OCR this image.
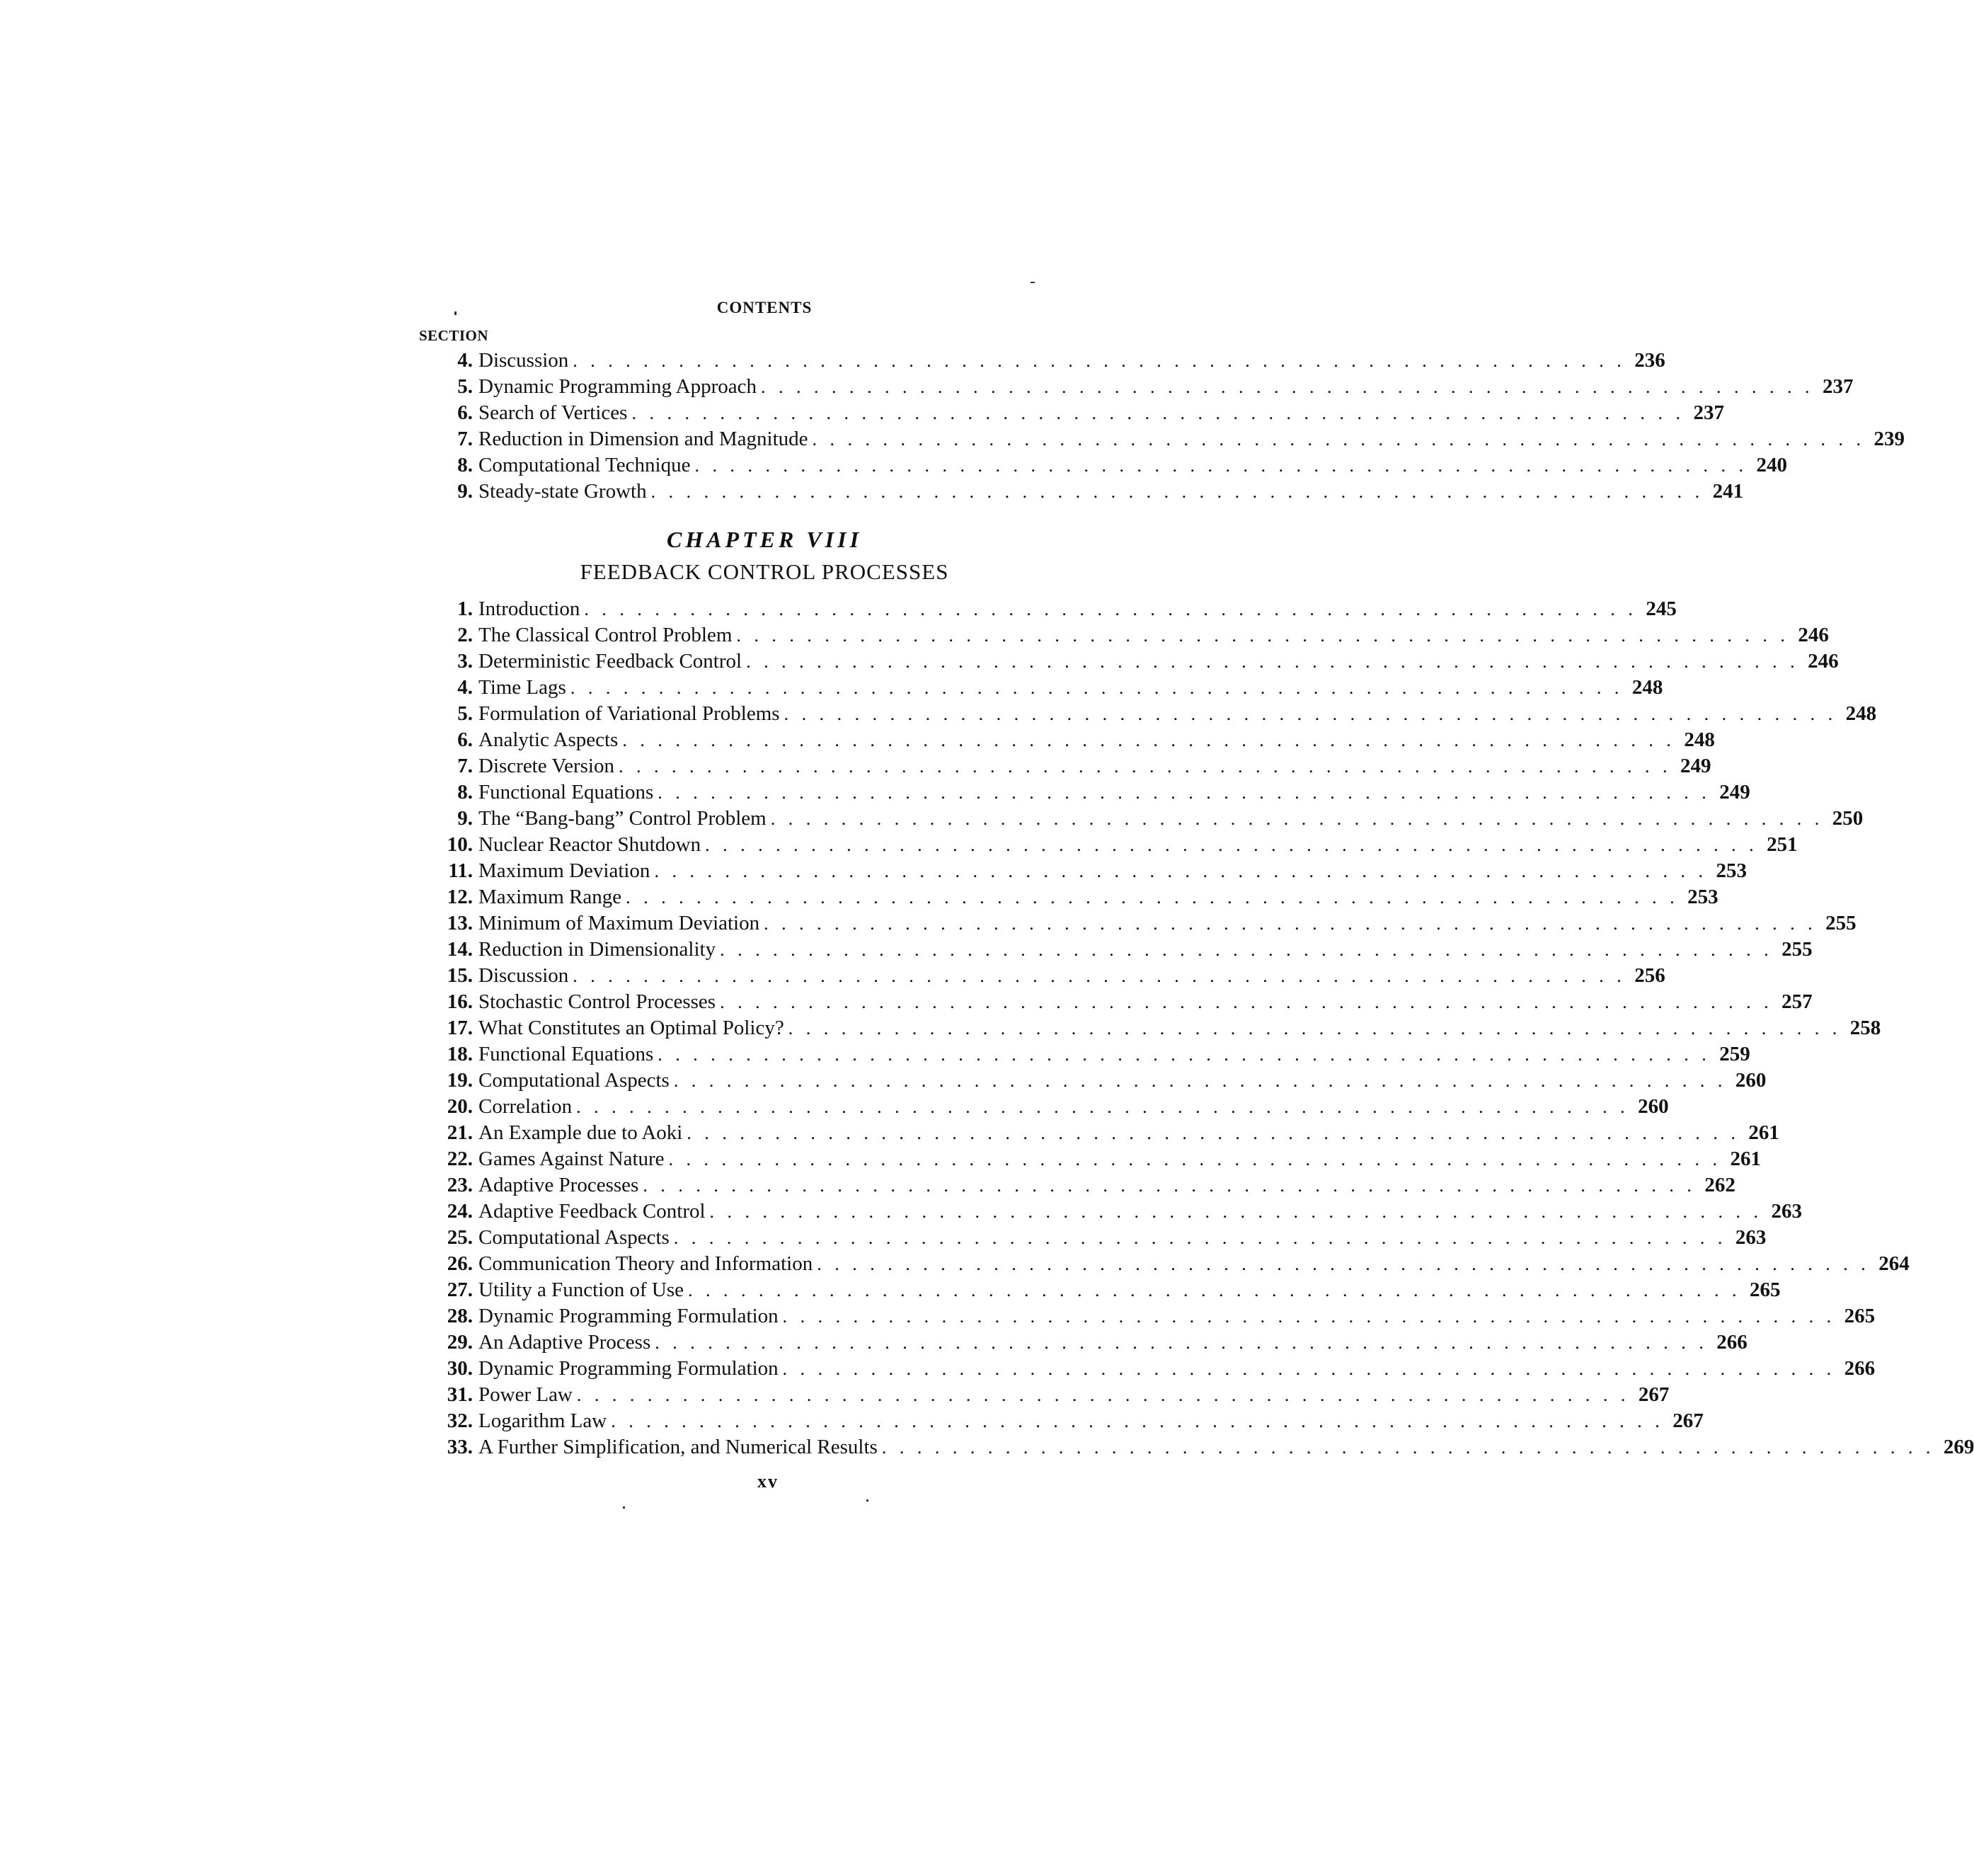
CONTENTS
SECTION
4. Discussion . . . . . . . . . . . . . . . . . . . . . . . . . . . . . . . . . . . . . . . . . . . . . . . . . . . . . . . . . . . . 236
5. Dynamic Programming Approach . . . . . . . . . . . . . . . . . . . . . . . . . . . . . . . . . . . . . . . . . . . . . . . . . . . . . . . . . . . . 237
6. Search of Vertices . . . . . . . . . . . . . . . . . . . . . . . . . . . . . . . . . . . . . . . . . . . . . . . . . . . . . . . . . . . . 237
7. Reduction in Dimension and Magnitude . . . . . . . . . . . . . . . . . . . . . . . . . . . . . . . . . . . . . . . . . . . . . . . . . . . . . . . . . . . . 239
8. Computational Technique . . . . . . . . . . . . . . . . . . . . . . . . . . . . . . . . . . . . . . . . . . . . . . . . . . . . . . . . . . . . 240
9. Steady-state Growth . . . . . . . . . . . . . . . . . . . . . . . . . . . . . . . . . . . . . . . . . . . . . . . . . . . . . . . . . . . . 241
CHAPTER VIII
FEEDBACK CONTROL PROCESSES
1. Introduction . . . . . . . . . . . . . . . . . . . . . . . . . . . . . . . . . . . . . . . . . . . . . . . . . . . . . . . . . . . . 245
2. The Classical Control Problem . . . . . . . . . . . . . . . . . . . . . . . . . . . . . . . . . . . . . . . . . . . . . . . . . . . . . . . . . . . . 246
3. Deterministic Feedback Control . . . . . . . . . . . . . . . . . . . . . . . . . . . . . . . . . . . . . . . . . . . . . . . . . . . . . . . . . . . . 246
4. Time Lags . . . . . . . . . . . . . . . . . . . . . . . . . . . . . . . . . . . . . . . . . . . . . . . . . . . . . . . . . . . . 248
5. Formulation of Variational Problems . . . . . . . . . . . . . . . . . . . . . . . . . . . . . . . . . . . . . . . . . . . . . . . . . . . . . . . . . . . . 248
6. Analytic Aspects . . . . . . . . . . . . . . . . . . . . . . . . . . . . . . . . . . . . . . . . . . . . . . . . . . . . . . . . . . . . 248
7. Discrete Version . . . . . . . . . . . . . . . . . . . . . . . . . . . . . . . . . . . . . . . . . . . . . . . . . . . . . . . . . . . . 249
8. Functional Equations . . . . . . . . . . . . . . . . . . . . . . . . . . . . . . . . . . . . . . . . . . . . . . . . . . . . . . . . . . . . 249
9. The “Bang-bang” Control Problem . . . . . . . . . . . . . . . . . . . . . . . . . . . . . . . . . . . . . . . . . . . . . . . . . . . . . . . . . . . . 250
10. Nuclear Reactor Shutdown . . . . . . . . . . . . . . . . . . . . . . . . . . . . . . . . . . . . . . . . . . . . . . . . . . . . . . . . . . . . 251
11. Maximum Deviation . . . . . . . . . . . . . . . . . . . . . . . . . . . . . . . . . . . . . . . . . . . . . . . . . . . . . . . . . . . . 253
12. Maximum Range . . . . . . . . . . . . . . . . . . . . . . . . . . . . . . . . . . . . . . . . . . . . . . . . . . . . . . . . . . . . 253
13. Minimum of Maximum Deviation . . . . . . . . . . . . . . . . . . . . . . . . . . . . . . . . . . . . . . . . . . . . . . . . . . . . . . . . . . . . 255
14. Reduction in Dimensionality . . . . . . . . . . . . . . . . . . . . . . . . . . . . . . . . . . . . . . . . . . . . . . . . . . . . . . . . . . . . 255
15. Discussion . . . . . . . . . . . . . . . . . . . . . . . . . . . . . . . . . . . . . . . . . . . . . . . . . . . . . . . . . . . . 256
16. Stochastic Control Processes . . . . . . . . . . . . . . . . . . . . . . . . . . . . . . . . . . . . . . . . . . . . . . . . . . . . . . . . . . . . 257
17. What Constitutes an Optimal Policy? . . . . . . . . . . . . . . . . . . . . . . . . . . . . . . . . . . . . . . . . . . . . . . . . . . . . . . . . . . . . 258
18. Functional Equations . . . . . . . . . . . . . . . . . . . . . . . . . . . . . . . . . . . . . . . . . . . . . . . . . . . . . . . . . . . . 259
19. Computational Aspects . . . . . . . . . . . . . . . . . . . . . . . . . . . . . . . . . . . . . . . . . . . . . . . . . . . . . . . . . . . . 260
20. Correlation . . . . . . . . . . . . . . . . . . . . . . . . . . . . . . . . . . . . . . . . . . . . . . . . . . . . . . . . . . . . 260
21. An Example due to Aoki . . . . . . . . . . . . . . . . . . . . . . . . . . . . . . . . . . . . . . . . . . . . . . . . . . . . . . . . . . . . 261
22. Games Against Nature . . . . . . . . . . . . . . . . . . . . . . . . . . . . . . . . . . . . . . . . . . . . . . . . . . . . . . . . . . . . 261
23. Adaptive Processes . . . . . . . . . . . . . . . . . . . . . . . . . . . . . . . . . . . . . . . . . . . . . . . . . . . . . . . . . . . . 262
24. Adaptive Feedback Control . . . . . . . . . . . . . . . . . . . . . . . . . . . . . . . . . . . . . . . . . . . . . . . . . . . . . . . . . . . . 263
25. Computational Aspects . . . . . . . . . . . . . . . . . . . . . . . . . . . . . . . . . . . . . . . . . . . . . . . . . . . . . . . . . . . . 263
26. Communication Theory and Information . . . . . . . . . . . . . . . . . . . . . . . . . . . . . . . . . . . . . . . . . . . . . . . . . . . . . . . . . . . . 264
27. Utility a Function of Use . . . . . . . . . . . . . . . . . . . . . . . . . . . . . . . . . . . . . . . . . . . . . . . . . . . . . . . . . . . . 265
28. Dynamic Programming Formulation . . . . . . . . . . . . . . . . . . . . . . . . . . . . . . . . . . . . . . . . . . . . . . . . . . . . . . . . . . . . 265
29. An Adaptive Process . . . . . . . . . . . . . . . . . . . . . . . . . . . . . . . . . . . . . . . . . . . . . . . . . . . . . . . . . . . . 266
30. Dynamic Programming Formulation . . . . . . . . . . . . . . . . . . . . . . . . . . . . . . . . . . . . . . . . . . . . . . . . . . . . . . . . . . . . 266
31. Power Law . . . . . . . . . . . . . . . . . . . . . . . . . . . . . . . . . . . . . . . . . . . . . . . . . . . . . . . . . . . . 267
32. Logarithm Law . . . . . . . . . . . . . . . . . . . . . . . . . . . . . . . . . . . . . . . . . . . . . . . . . . . . . . . . . . . . 267
33. A Further Simplification, and Numerical Results . . . . . . . . . . . . . . . . . . . . . . . . . . . . . . . . . . . . . . . . . . . . . . . . . . . . . . . . . . . . 269
xv
